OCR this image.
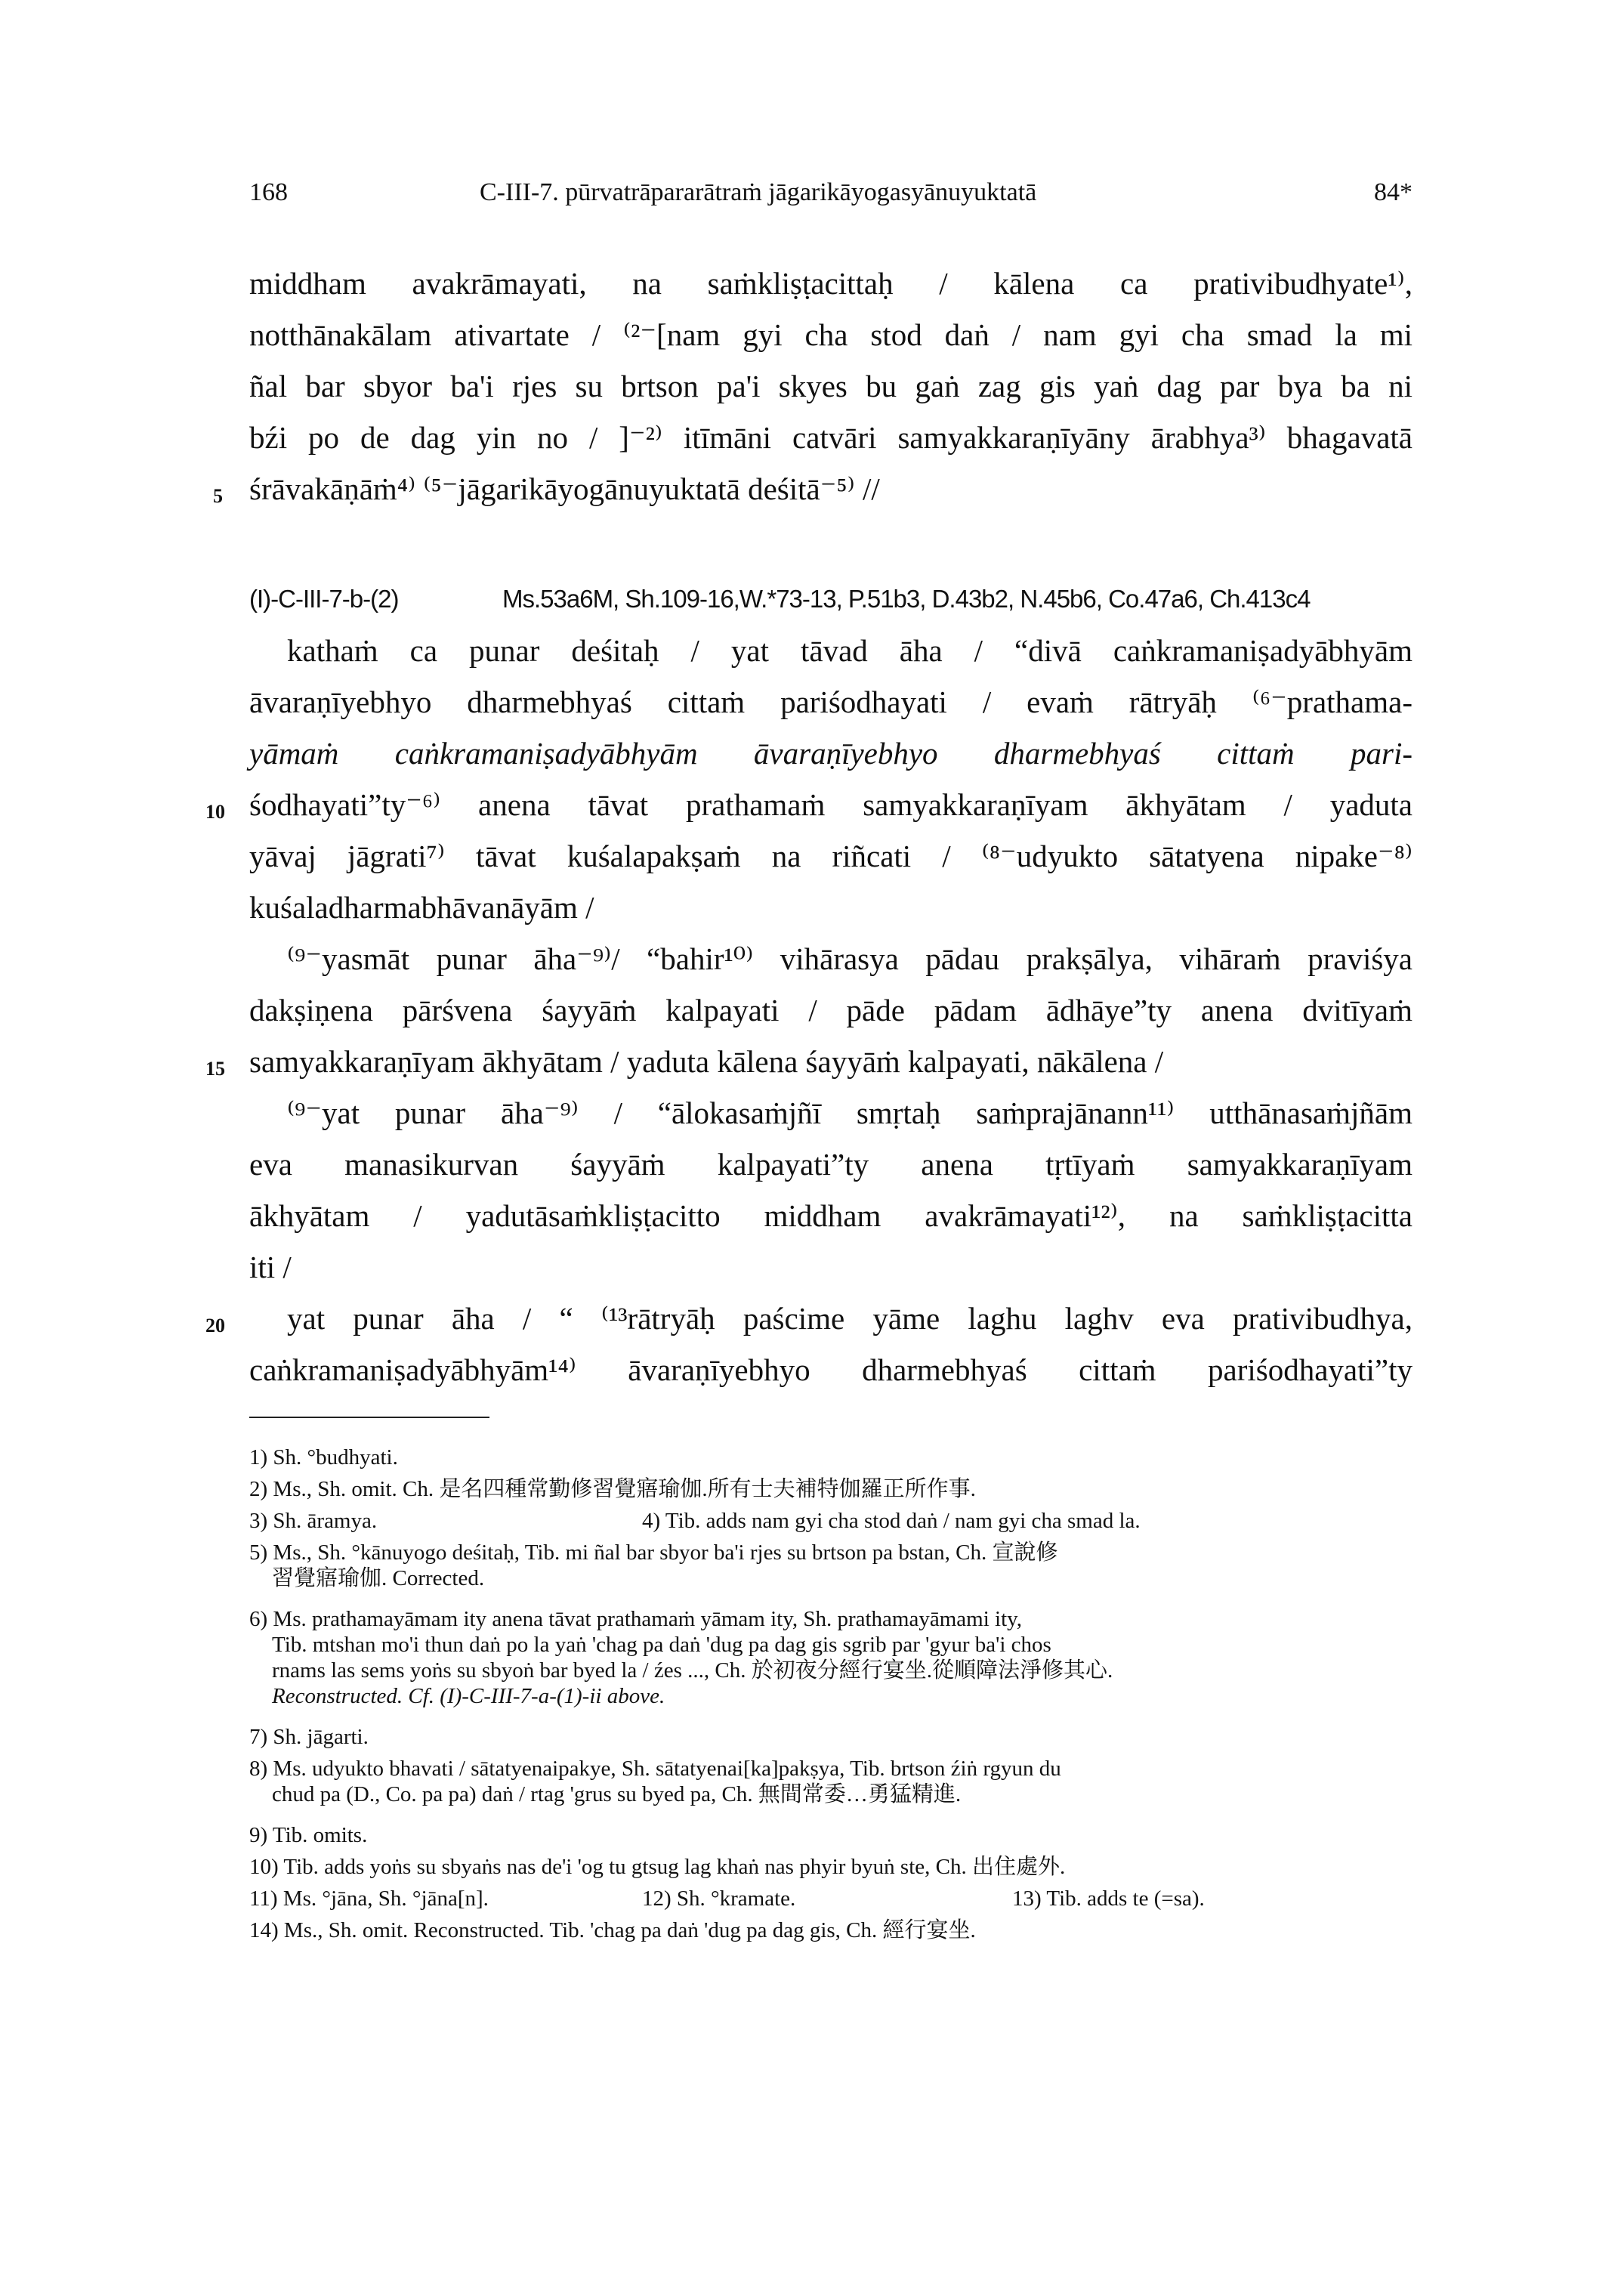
168	C-III-7. pūrvatrāpararātraṁ jāgarikāyogasyānuyuktatā	84*
middham avakrāmayati, na saṁkliṣṭacittaḥ / kālena ca prativibudhyate¹⁾,
notthānakālam ativartate / ⁽²⁻[nam gyi cha stod daṅ / nam gyi cha smad la mi
ñal bar sbyor ba'i rjes su brtson pa'i skyes bu gaṅ zag gis yaṅ dag par bya ba ni
bźi po de dag yin no / ]⁻²⁾ itīmāni catvāri samyakkaraṇīyāny ārabhya³⁾ bhagavatā
śrāvakāṇāṁ⁴⁾ ⁽⁵⁻jāgarikāyogānuyuktatā deśitā⁻⁵⁾ //
kathaṁ ca punar deśitaḥ / yat tāvad āha / “divā caṅkramaniṣadyābhyām
āvaraṇīyebhyo dharmebhyaś cittaṁ pariśodhayati / evaṁ rātryāḥ ⁽⁶⁻prathama-
yāmaṁ caṅkramaniṣadyābhyām āvaraṇīyebhyo dharmebhyaś cittaṁ pari-
śodhayati”ty⁻⁶⁾ anena tāvat prathamaṁ samyakkaraṇīyam ākhyātam / yaduta
yāvaj jāgrati⁷⁾ tāvat kuśalapakṣaṁ na riñcati / ⁽⁸⁻udyukto sātatyena nipake⁻⁸⁾
kuśaladharmabhāvanāyām /
⁽⁹⁻yasmāt punar āha⁻⁹⁾/ “bahir¹⁰⁾ vihārasya pādau prakṣālya, vihāraṁ praviśya
dakṣiṇena pārśvena śayyāṁ kalpayati / pāde pādam ādhāye”ty anena dvitīyaṁ
samyakkaraṇīyam ākhyātam / yaduta kālena śayyāṁ kalpayati, nākālena /
⁽⁹⁻yat punar āha⁻⁹⁾ / “ālokasaṁjñī smṛtaḥ saṁprajānann¹¹⁾ utthānasaṁjñām
eva manasikurvan śayyāṁ kalpayati”ty anena tṛtīyaṁ samyakkaraṇīyam
ākhyātam / yadutāsaṁkliṣṭacitto middham avakrāmayati¹²⁾, na saṁkliṣṭacitta
iti /
yat punar āha / “ ⁽¹³rātryāḥ paścime yāme laghu laghv eva prativibudhya,
caṅkramaniṣadyābhyām¹⁴⁾ āvaraṇīyebhyo dharmebhyaś cittaṁ pariśodhayati”ty
5
10
15
20
(I)-C-III-7-b-(2)	Ms.53a6M, Sh.109-16,W.*73-13, P.51b3, D.43b2, N.45b6, Co.47a6, Ch.413c4
1) Sh. °budhyati.
2) Ms., Sh. omit. Ch. 是名四種常勤修習覺寤瑜伽.所有士夫補特伽羅正所作事.
3) Sh. āramya.	4) Tib. adds nam gyi cha stod daṅ / nam gyi cha smad la.
5) Ms., Sh. °kānuyogo deśitaḥ, Tib. mi ñal bar sbyor ba'i rjes su brtson pa bstan, Ch. 宣說修
習覺寤瑜伽. Corrected.
6) Ms. prathamayāmam ity anena tāvat prathamaṁ yāmam ity, Sh. prathamayāmami ity,
Tib. mtshan mo'i thun daṅ po la yaṅ 'chag pa daṅ 'dug pa dag gis sgrib par 'gyur ba'i chos
rnams las sems yoṅs su sbyoṅ bar byed la / źes ..., Ch. 於初夜分經行宴坐.從順障法淨修其心.
Reconstructed. Cf. (I)-C-III-7-a-(1)-ii above.
7) Sh. jāgarti.
8) Ms. udyukto bhavati / sātatyenaipakye, Sh. sātatyenai[ka]pakṣya, Tib. brtson źiṅ rgyun du
chud pa (D., Co. pa pa) daṅ / rtag 'grus su byed pa, Ch. 無間常委…勇猛精進.
9) Tib. omits.
10) Tib. adds yoṅs su sbyaṅs nas de'i 'og tu gtsug lag khaṅ nas phyir byuṅ ste, Ch. 出住處外.
11) Ms. °jāna, Sh. °jāna[n].	12) Sh. °kramate.	13) Tib. adds te (=sa).
14) Ms., Sh. omit. Reconstructed. Tib. 'chag pa daṅ 'dug pa dag gis, Ch. 經行宴坐.
